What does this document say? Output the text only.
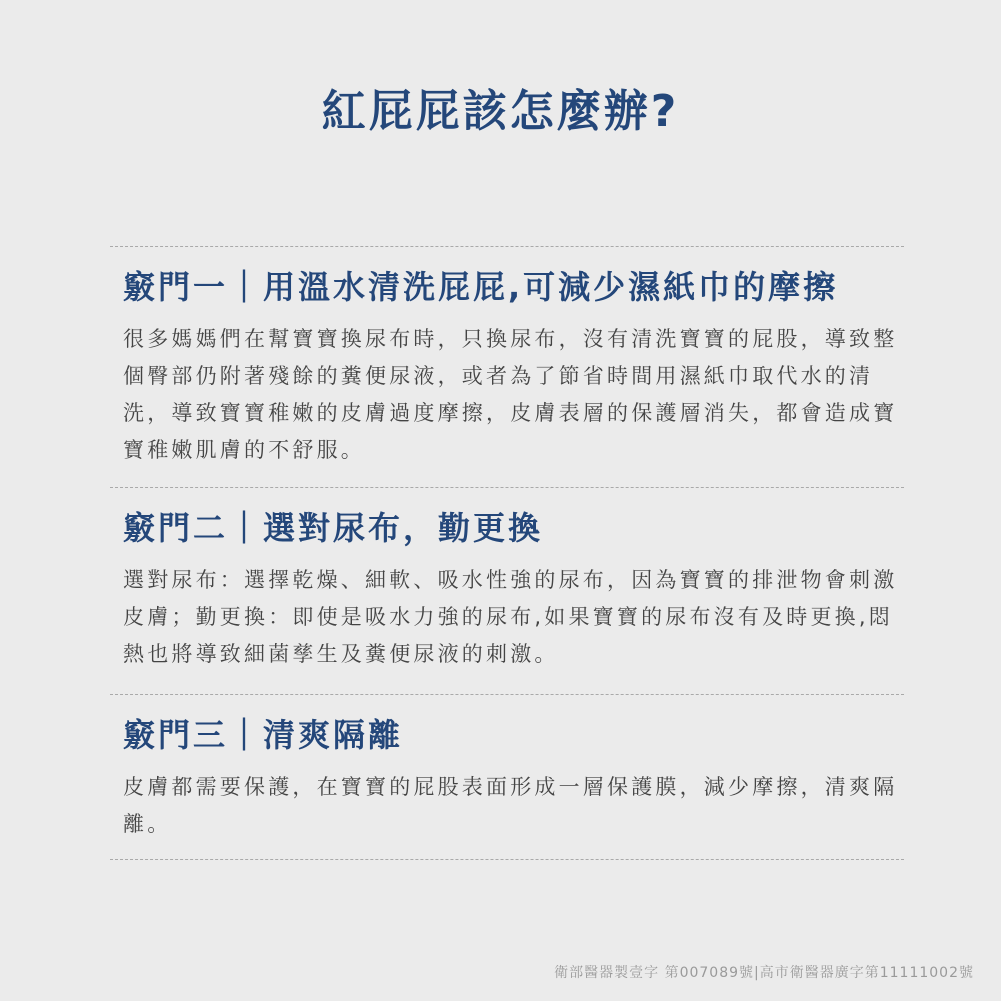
紅屁屁該怎麼辦?
竅門一｜用溫水清洗屁屁,可減少濕紙巾的摩擦

很多媽媽們在幫寶寶換尿布時，只換尿布，沒有清洗寶寶的屁股，導致整個臀部仍附著殘餘的糞便尿液，或者為了節省時間用濕紙巾取代水的清洗，導致寶寶稚嫩的皮膚過度摩擦，皮膚表層的保護層消失，都會造成寶寶稚嫩肌膚的不舒服。

竅門二｜選對尿布，勤更換

選對尿布：選擇乾燥、細軟、吸水性強的尿布，因為寶寶的排泄物會刺激皮膚；勤更換：即使是吸水力強的尿布,如果寶寶的尿布沒有及時更換,悶熱也將導致細菌孳生及糞便尿液的刺激。

竅門三｜清爽隔離

皮膚都需要保護，在寶寶的屁股表面形成一層保護膜，減少摩擦，清爽隔離。

衛部醫器製壹字 第007089號|高市衛醫器廣字第11111002號
